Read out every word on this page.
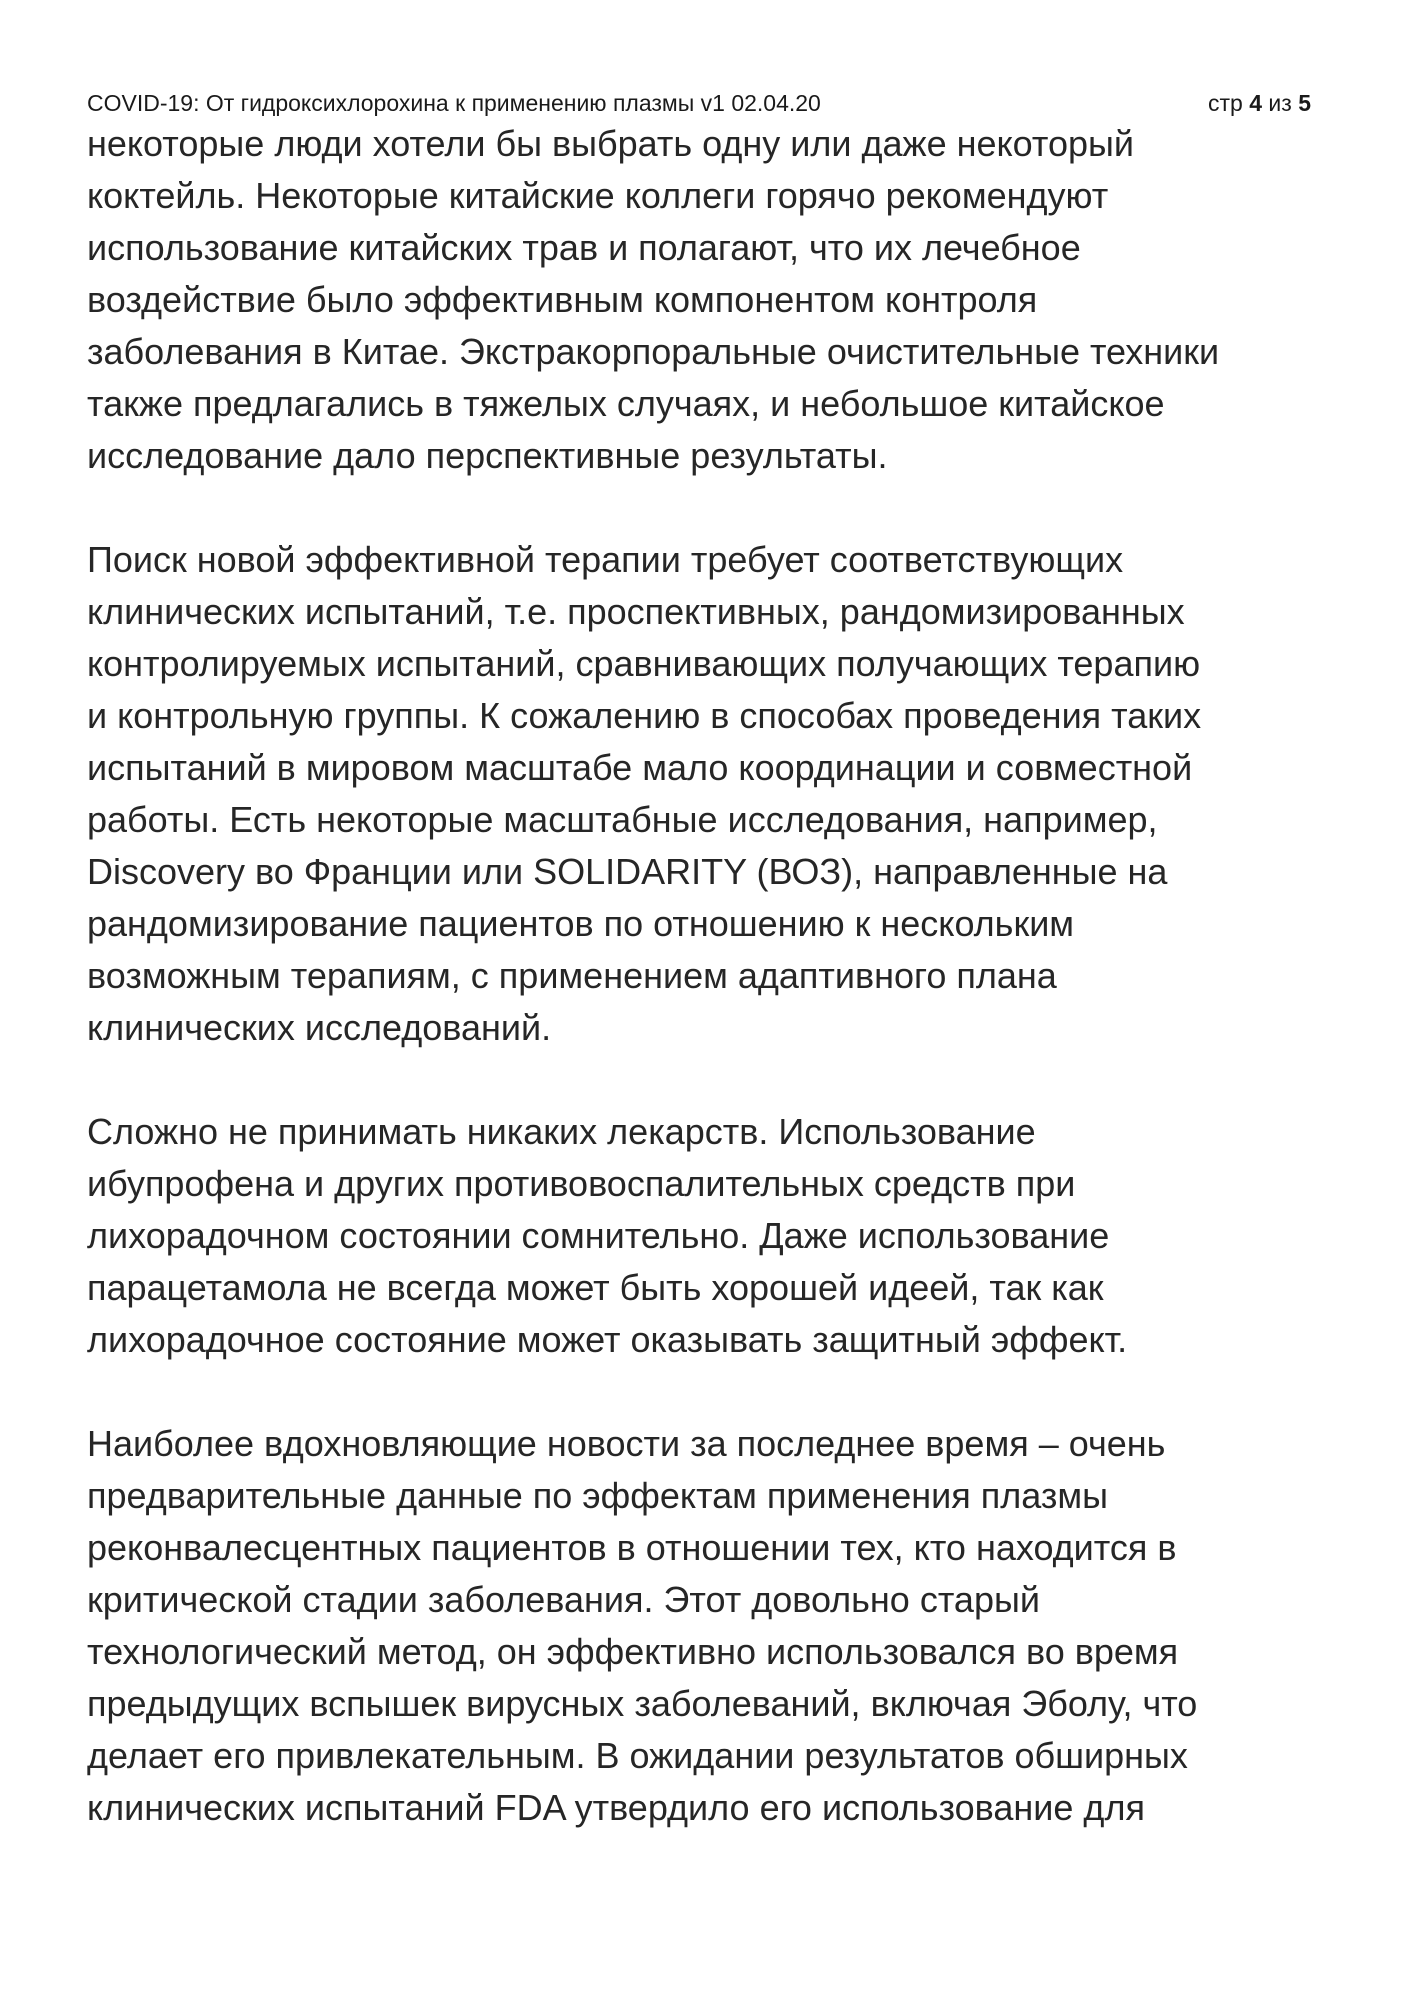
COVID-19: От гидроксихлорохина к применению плазмы v1 02.04.20	стр 4 из 5

некоторые люди хотели бы выбрать одну или даже некоторый
коктейль. Некоторые китайские коллеги горячо рекомендуют
использование китайских трав и полагают, что их лечебное
воздействие было эффективным компонентом контроля
заболевания в Китае. Экстракорпоральные очистительные техники
также предлагались в тяжелых случаях, и небольшое китайское
исследование дало перспективные результаты.

Поиск новой эффективной терапии требует соответствующих
клинических испытаний, т.е. проспективных, рандомизированных
контролируемых испытаний, сравнивающих получающих терапию
и контрольную группы. К сожалению в способах проведения таких
испытаний в мировом масштабе мало координации и совместной
работы. Есть некоторые масштабные исследования, например,
Discovery во Франции или SOLIDARITY (ВОЗ), направленные на
рандомизирование пациентов по отношению к нескольким
возможным терапиям, с применением адаптивного плана
клинических исследований.

Сложно не принимать никаких лекарств. Использование
ибупрофена и других противовоспалительных средств при
лихорадочном состоянии сомнительно. Даже использование
парацетамола не всегда может быть хорошей идеей, так как
лихорадочное состояние может оказывать защитный эффект.

Наиболее вдохновляющие новости за последнее время – очень
предварительные данные по эффектам применения плазмы
реконвалесцентных пациентов в отношении тех, кто находится в
критической стадии заболевания. Этот довольно старый
технологический метод, он эффективно использовался во время
предыдущих вспышек вирусных заболеваний, включая Эболу, что
делает его привлекательным. В ожидании результатов обширных
клинических испытаний FDA утвердило его использование для
